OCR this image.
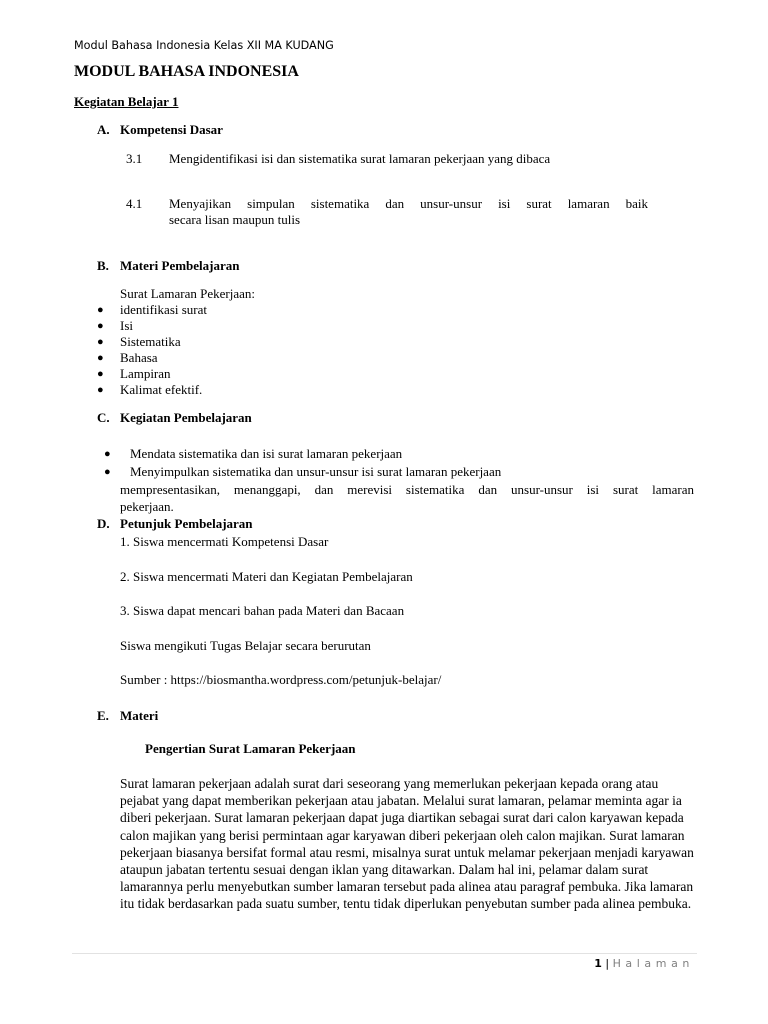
Modul Bahasa Indonesia Kelas XII MA KUDANG
MODUL BAHASA INDONESIA
Kegiatan Belajar 1
A. Kompetensi Dasar
3.1 Mengidentifikasi isi dan sistematika surat lamaran pekerjaan yang dibaca
4.1 Menyajikan simpulan sistematika dan unsur-unsur isi surat lamaran baik
secara lisan maupun tulis
B. Materi Pembelajaran
Surat Lamaran Pekerjaan:
● identifikasi surat
● Isi
● Sistematika
● Bahasa
● Lampiran
● Kalimat efektif.
C. Kegiatan Pembelajaran
● Mendata sistematika dan isi surat lamaran pekerjaan
● Menyimpulkan sistematika dan unsur-unsur isi surat lamaran pekerjaan
mempresentasikan, menanggapi, dan merevisi sistematika dan unsur-unsur isi surat lamaran
pekerjaan.
D. Petunjuk Pembelajaran
1. Siswa mencermati Kompetensi Dasar
2. Siswa mencermati Materi dan Kegiatan Pembelajaran
3. Siswa dapat mencari bahan pada Materi dan Bacaan
Siswa mengikuti Tugas Belajar secara berurutan
Sumber : https://biosmantha.wordpress.com/petunjuk-belajar/
E. Materi
Pengertian Surat Lamaran Pekerjaan
Surat lamaran pekerjaan adalah surat dari seseorang yang memerlukan pekerjaan kepada orang atau pejabat yang dapat memberikan pekerjaan atau jabatan. Melalui surat lamaran, pelamar meminta agar ia diberi pekerjaan. Surat lamaran pekerjaan dapat juga diartikan sebagai surat dari calon karyawan kepada calon majikan yang berisi permintaan agar karyawan diberi pekerjaan oleh calon majikan. Surat lamaran pekerjaan biasanya bersifat formal atau resmi, misalnya surat untuk melamar pekerjaan menjadi karyawan ataupun jabatan tertentu sesuai dengan iklan yang ditawarkan. Dalam hal ini, pelamar dalam surat lamarannya perlu menyebutkan sumber lamaran tersebut pada alinea atau paragraf pembuka. Jika lamaran itu tidak berdasarkan pada suatu sumber, tentu tidak diperlukan penyebutan sumber pada alinea pembuka.
1 | Halaman
